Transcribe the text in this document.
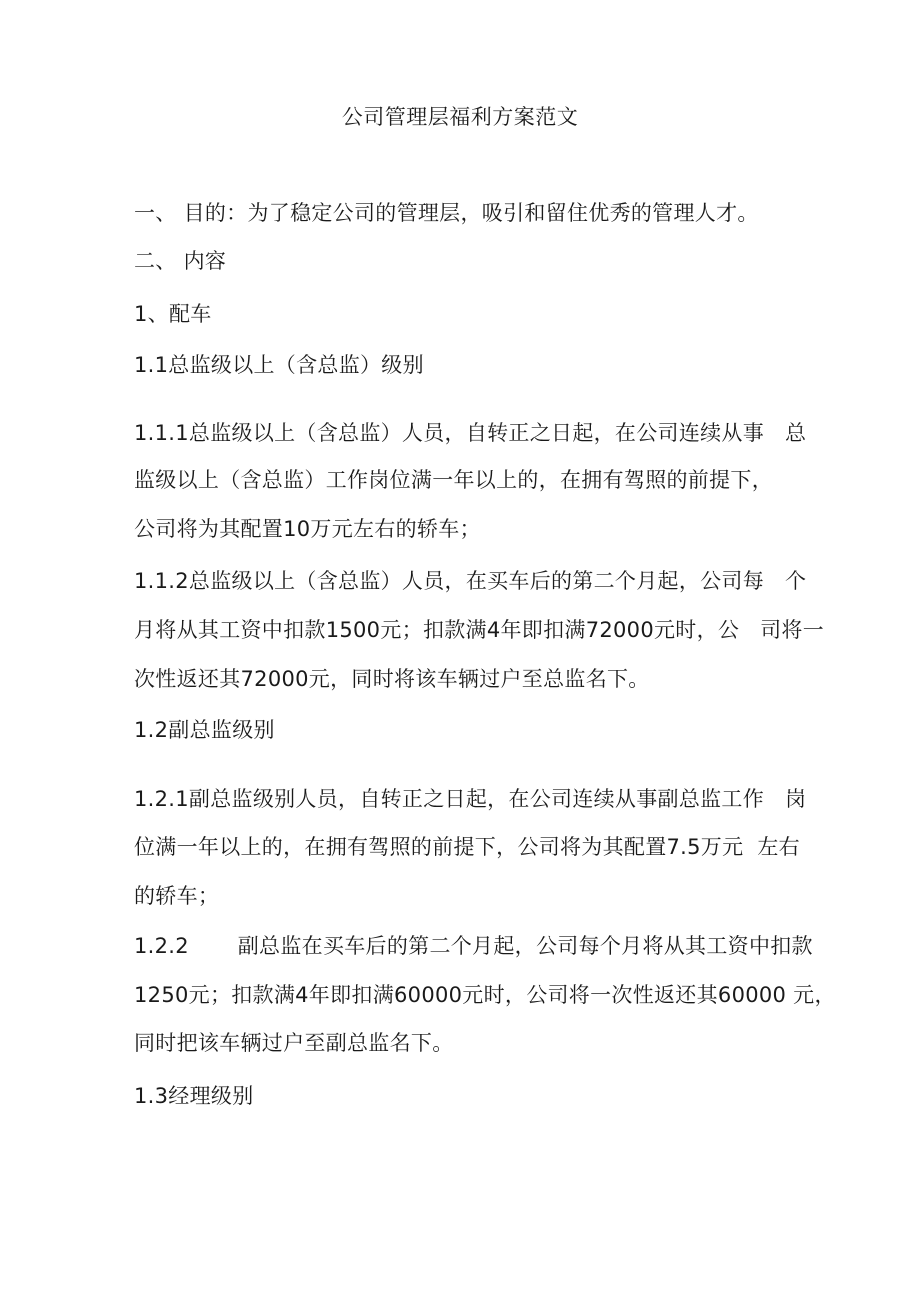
公司管理层福利方案范文
一、 目的：为了稳定公司的管理层，吸引和留住优秀的管理人才。
二、 内容
1、配车
1.1总监级以上（含总监）级别
1.1.1总监级以上（含总监）人员，自转正之日起，在公司连续从事   总
监级以上（含总监）工作岗位满一年以上的，在拥有驾照的前提下，
公司将为其配置10万元左右的轿车；
1.1.2总监级以上（含总监）人员，在买车后的第二个月起，公司每   个
月将从其工资中扣款1500元；扣款满4年即扣满72000元时，公   司将一
次性返还其72000元，同时将该车辆过户至总监名下。
1.2副总监级别
1.2.1副总监级别人员，自转正之日起，在公司连续从事副总监工作   岗
位满一年以上的，在拥有驾照的前提下，公司将为其配置7.5万元  左右
的轿车；
1.2.2       副总监在买车后的第二个月起，公司每个月将从其工资中扣款
1250元；扣款满4年即扣满60000元时，公司将一次性返还其60000 元，
同时把该车辆过户至副总监名下。
1.3经理级别
